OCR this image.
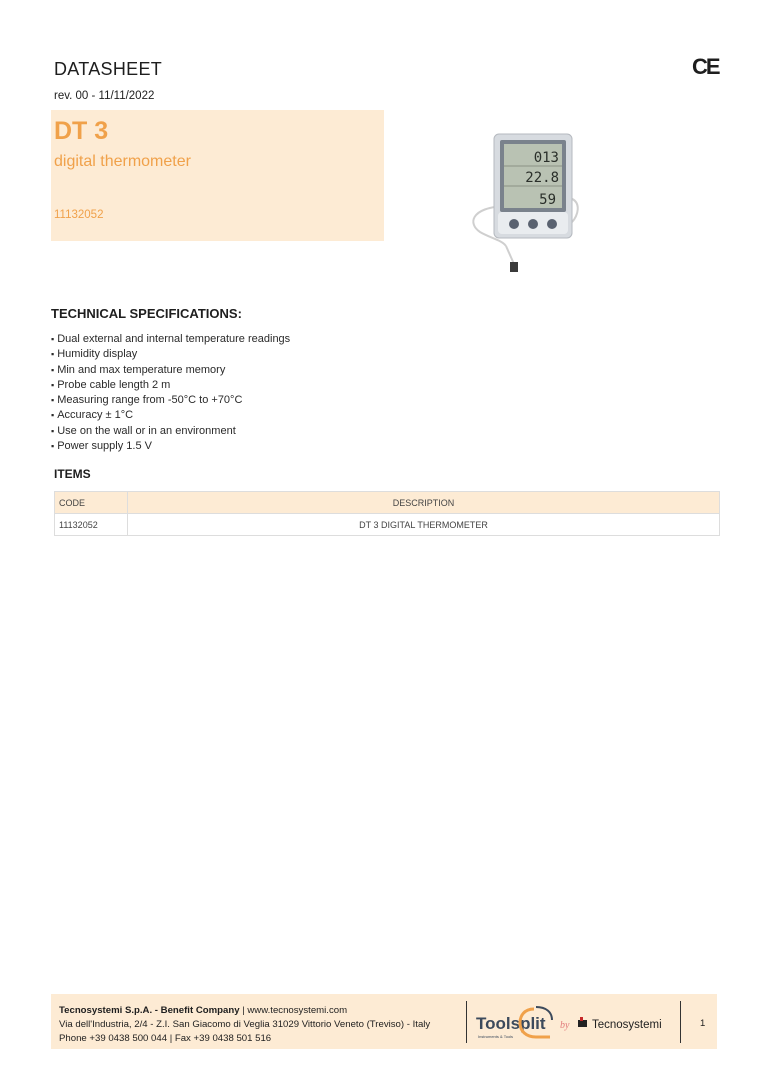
DATASHEET
rev. 00 - 11/11/2022
CE
DT 3
digital thermometer
11132052
013
22.8
59
TECHNICAL SPECIFICATIONS:
▪ Dual external and internal temperature readings
▪ Humidity display
▪ Min and max temperature memory
▪ Probe cable length 2 m
▪ Measuring range from -50°C to +70°C
▪ Accuracy ± 1°C
▪ Use on the wall or in an environment
▪ Power supply 1.5 V
ITEMS
CODE	DESCRIPTION
11132052	DT 3 DIGITAL THERMOMETER
Tecnosystemi S.p.A. - Benefit Company | www.tecnosystemi.com
Via dell'Industria, 2/4 - Z.I. San Giacomo di Veglia 31029 Vittorio Veneto (Treviso) - Italy
Phone +39 0438 500 044 | Fax +39 0438 501 516
Toolsplit
Instruments & Tools
by Tecnosystemi	1
